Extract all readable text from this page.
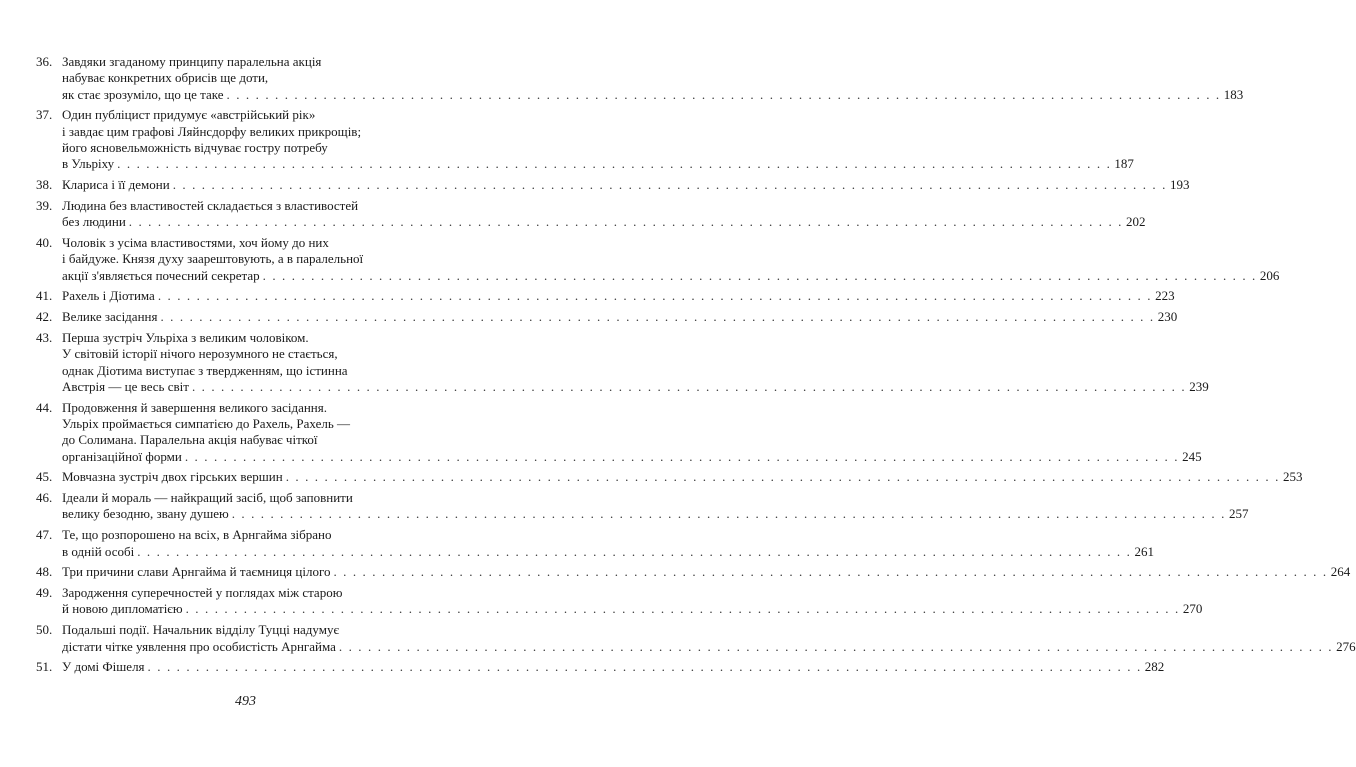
36. Завдяки згаданому принципу паралельна акція
набуває конкретних обрисів ще доти,
як стає зрозуміло, що це таке . . .	183
37. Один публіцист придумує «австрійський рік»
і завдає цим графові Ляйнсдорфу великих прикрощів;
його ясновельможність відчуває гостру потребу
в Ульріху . . .	187
38. Клариса і її демони . . .	193
39. Людина без властивостей складається з властивостей
без людини . . .	202
40. Чоловік з усіма властивостями, хоч йому до них
і байдуже. Князя духу заарештовують, а в паралельної
акції з'являється почесний секретар . . .	206
41. Рахель і Діотима . . .	223
42. Велике засідання . . .	230
43. Перша зустріч Ульріха з великим чоловіком.
У світовій історії нічого нерозумного не стається,
однак Діотима виступає з твердженням, що істинна
Австрія — це весь світ . . .	239
44. Продовження й завершення великого засідання.
Ульріх проймається симпатією до Рахель, Рахель —
до Солимана. Паралельна акція набуває чіткої
організаційної форми . . .	245
45. Мовчазна зустріч двох гірських вершин . . .	253
46. Ідеали й мораль — найкращий засіб, щоб заповнити
велику безодню, звану душею . . .	257
47. Те, що розпорошено на всіх, в Арнгайма зібрано
в одній особі . . .	261
48. Три причини слави Арнгайма й таємниця цілого . . .	264
49. Зародження суперечностей у поглядах між старою
й новою дипломатією . . .	270
50. Подальші події. Начальник відділу Туцці надумує
дістати чітке уявлення про особистість Арнгайма . . .	276
51. У домі Фішеля . . .	282
493
